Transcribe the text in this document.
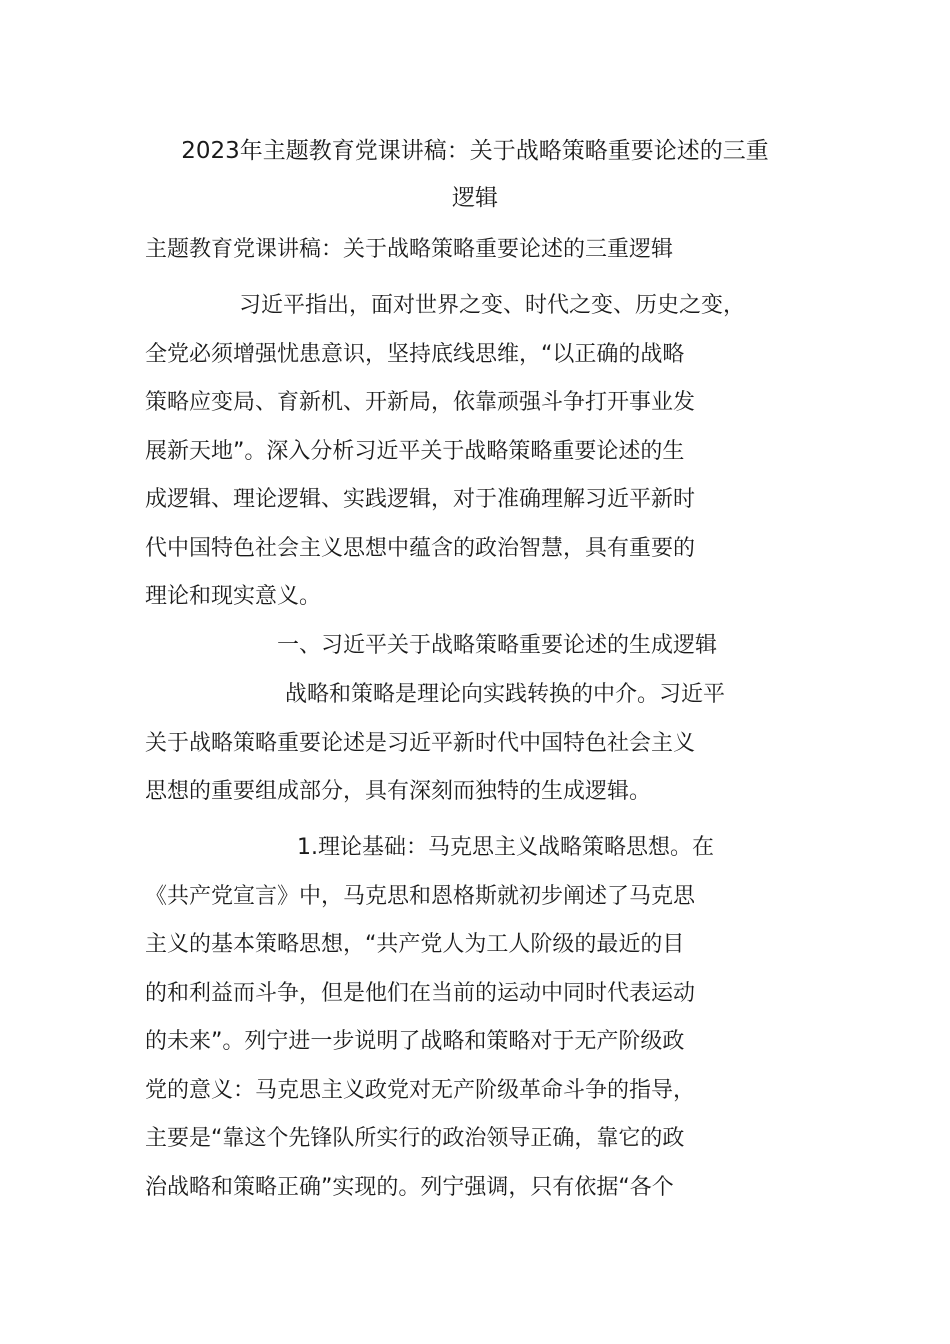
2023年主题教育党课讲稿：关于战略策略重要论述的三重
逻辑

主题教育党课讲稿：关于战略策略重要论述的三重逻辑

习近平指出，面对世界之变、时代之变、历史之变，
全党必须增强忧患意识，坚持底线思维，“以正确的战略
策略应变局、育新机、开新局，依靠顽强斗争打开事业发
展新天地”。深入分析习近平关于战略策略重要论述的生
成逻辑、理论逻辑、实践逻辑，对于准确理解习近平新时
代中国特色社会主义思想中蕴含的政治智慧，具有重要的
理论和现实意义。
一、习近平关于战略策略重要论述的生成逻辑
战略和策略是理论向实践转换的中介。习近平
关于战略策略重要论述是习近平新时代中国特色社会主义
思想的重要组成部分，具有深刻而独特的生成逻辑。
1.理论基础：马克思主义战略策略思想。在
《共产党宣言》中，马克思和恩格斯就初步阐述了马克思
主义的基本策略思想，“共产党人为工人阶级的最近的目
的和利益而斗争，但是他们在当前的运动中同时代表运动
的未来”。列宁进一步说明了战略和策略对于无产阶级政
党的意义：马克思主义政党对无产阶级革命斗争的指导，
主要是“靠这个先锋队所实行的政治领导正确，靠它的政
治战略和策略正确”实现的。列宁强调，只有依据“各个
